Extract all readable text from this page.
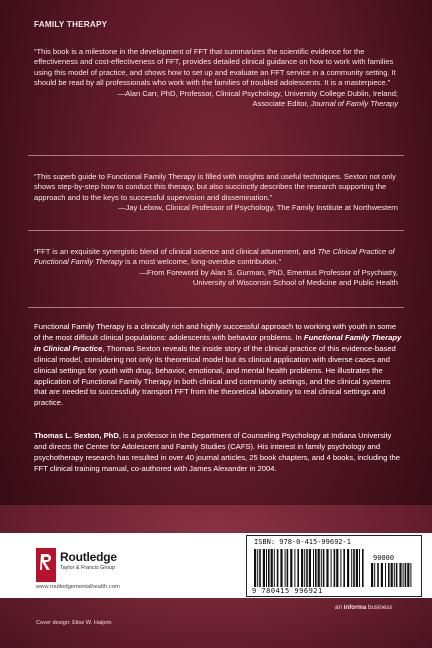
FAMILY THERAPY

“This book is a milestone in the development of FFT that summarizes the scientific evidence for the effectiveness and cost-effectiveness of FFT, provides detailed clinical guidance on how to work with families using this model of practice, and shows how to set up and evaluate an FFT service in a community setting. It should be read by all professionals who work with the families of troubled adolescents. It is a masterpiece.”

—Alan Carr, PhD, Professor, Clinical Psychology, University College Dublin, Ireland;

Associate Editor, Journal of Family Therapy

“This superb guide to Functional Family Therapy is filled with insights and useful techniques. Sexton not only shows step-by-step how to conduct this therapy, but also succinctly describes the research supporting the approach and to the keys to successful supervision and dissemination.”

—Jay Lebow, Clinical Professor of Psychology, The Family Institute at Northwestern

“FFT is an exquisite synergistic blend of clinical science and clinical attunement, and The Clinical Practice of Functional Family Therapy is a most welcome, long-overdue contribution.”

—From Foreword by Alan S. Gurman, PhD, Emeritus Professor of Psychiatry,

University of Wisconsin School of Medicine and Public Health

Functional Family Therapy is a clinically rich and highly successful approach to working with youth in some of the most difficult clinical populations: adolescents with behavior problems. In Functional Family Therapy in Clinical Practice, Thomas Sexton reveals the inside story of the clinical practice of this evidence-based clinical model, considering not only its theoretical model but its clinical application with diverse cases and clinical settings for youth with drug, behavior, emotional, and mental health problems. He illustrates the application of Functional Family Therapy in both clinical and community settings, and the clinical systems that are needed to successfully transport FFT from the theoretical laboratory to real clinical settings and practice.

Thomas L. Sexton, PhD, is a professor in the Department of Counseling Psychology at Indiana University and directs the Center for Adolescent and Family Studies (CAFS). His interest in family psychology and psychotherapy research has resulted in over 40 journal articles, 25 book chapters, and 4 books, including the FFT clinical training manual, co-authored with James Alexander in 2004.

Routledge
Taylor & Francis Group
www.routledgementalhealth.com
ISBN: 978-0-415-99692-1
90000
9 780415 996921
Cover design: Elise W. Halprin
an informa business
